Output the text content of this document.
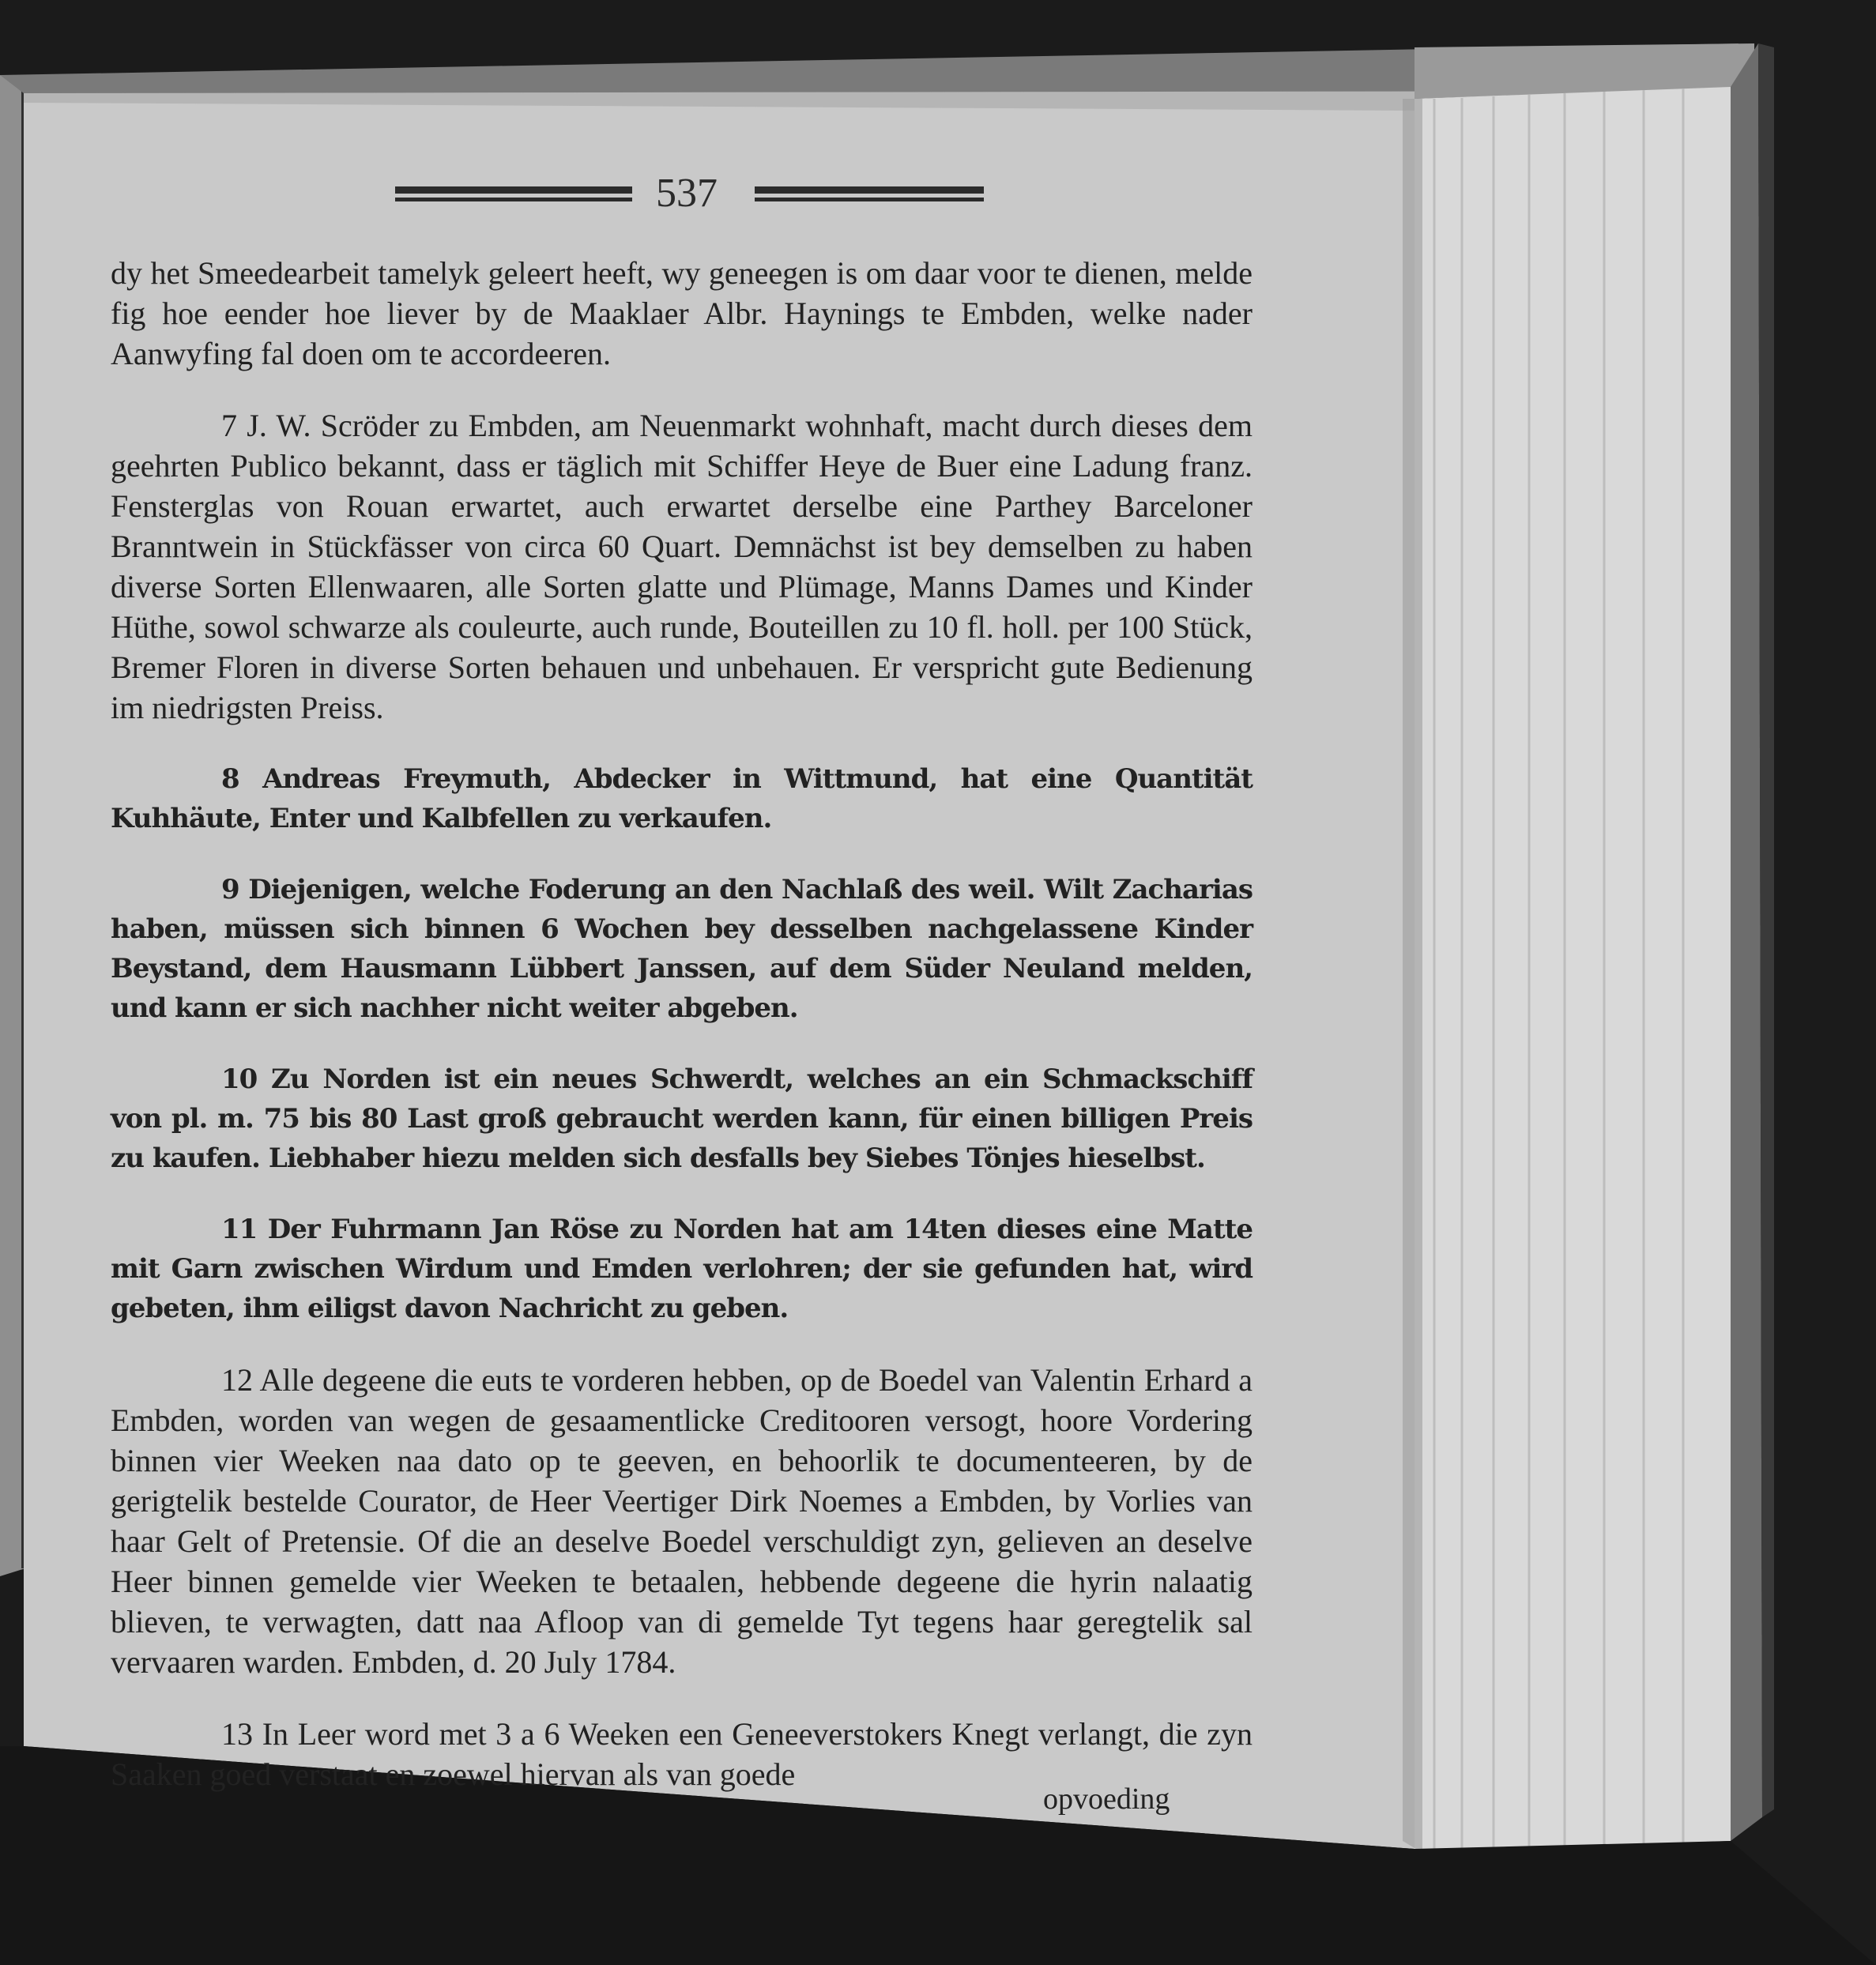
537

dy het Smeedearbeit tamelyk geleert heeft, wy geneegen is om daar voor te dienen, melde fig hoe eender hoe liever by de Maaklaer Albr. Haynings te Embden, welke nader Aanwyfing fal doen om te accordeeren.

7 J. W. Scröder zu Embden, am Neuenmarkt wohnhaft, macht durch dieses dem geehrten Publico bekannt, dass er täglich mit Schiffer Heye de Buer eine Ladung franz. Fensterglas von Rouan erwartet, auch erwartet derselbe eine Parthey Barceloner Branntwein in Stückfässer von circa 60 Quart. Demnächst ist bey demselben zu haben diverse Sorten Ellenwaaren, alle Sorten glatte und Plümage, Manns Dames und Kinder Hüthe, sowol schwarze als couleurte, auch runde, Bouteillen zu 10 fl. holl. per 100 Stück, Bremer Floren in diverse Sorten behauen und unbehauen. Er verspricht gute Bedienung im niedrigsten Preiss.

8 Andreas Freymuth, Abdecker in Wittmund, hat eine Quantität Kuhhäute, Enter und Kalbfellen zu verkaufen.

9 Diejenigen, welche Foderung an den Nachlaß des weil. Wilt Zacharias haben, müssen sich binnen 6 Wochen bey desselben nachgelassene Kinder Beystand, dem Hausmann Lübbert Janssen, auf dem Süder Neuland melden, und kann er sich nachher nicht weiter abgeben.

10 Zu Norden ist ein neues Schwerdt, welches an ein Schmackschiff von pl. m. 75 bis 80 Last groß gebraucht werden kann, für einen billigen Preis zu kaufen. Liebhaber hiezu melden sich desfalls bey Siebes Tönjes hieselbst.

11 Der Fuhrmann Jan Röse zu Norden hat am 14ten dieses eine Matte mit Garn zwischen Wirdum und Emden verlohren; der sie gefunden hat, wird gebeten, ihm eiligst davon Nachricht zu geben.

12 Alle degeene die euts te vorderen hebben, op de Boedel van Valentin Erhard a Embden, worden van wegen de gesaamentlicke Creditooren versogt, hoore Vordering binnen vier Weeken naa dato op te geeven, en behoorlik te documenteeren, by de gerigtelik bestelde Courator, de Heer Veertiger Dirk Noemes a Embden, by Vorlies van haar Gelt of Pretensie. Of die an deselve Boedel verschuldigt zyn, gelieven an deselve Heer binnen gemelde vier Weeken te betaalen, hebbende degeene die hyrin nalaatig blieven, te verwagten, datt naa Afloop van di gemelde Tyt tegens haar geregtelik sal vervaaren warden. Embden, d. 20 July 1784.

13 In Leer word met 3 a 6 Weeken een Geneeverstokers Knegt verlangt, die zyn Saaken goed verstaat en zoewel hiervan als van goede

opvoeding
